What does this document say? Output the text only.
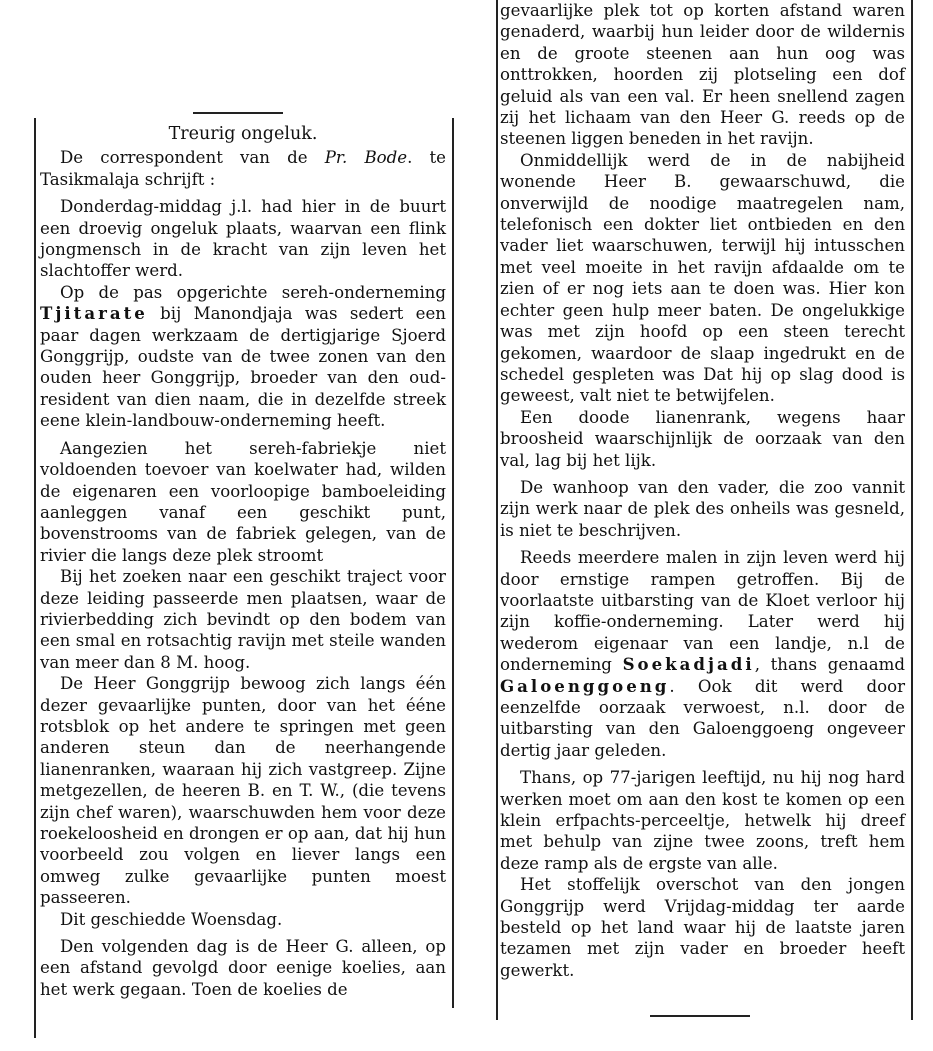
Treurig ongeluk.

De correspondent van de Pr. Bode. te Tasikmalaja schrijft :

Donderdag-middag j.l. had hier in de buurt een droevig ongeluk plaats, waarvan een flink jongmensch in de kracht van zijn leven het slachtoffer werd.

Op de pas opgerichte sereh-onderneming Tjitarate bij Manondjaja was sedert een paar dagen werkzaam de dertigjarige Sjoerd Gonggrijp, oudste van de twee zonen van den ouden heer Gonggrijp, broeder van den oud-resident van dien naam, die in dezelfde streek eene klein-landbouw-onderneming heeft.

Aangezien het sereh-fabriekje niet voldoenden toevoer van koelwater had, wilden de eigenaren een voorloopige bamboeleiding aanleggen vanaf een geschikt punt, bovenstrooms van de fabriek gelegen, van de rivier die langs deze plek stroomt

Bij het zoeken naar een geschikt traject voor deze leiding passeerde men plaatsen, waar de rivierbedding zich bevindt op den bodem van een smal en rotsachtig ravijn met steile wanden van meer dan 8 M. hoog.

De Heer Gonggrijp bewoog zich langs één dezer gevaarlijke punten, door van het ééne rotsblok op het andere te springen met geen anderen steun dan de neerhangende lianenranken, waaraan hij zich vastgreep. Zijne metgezellen, de heeren B. en T. W., (die tevens zijn chef waren), waarschuwden hem voor deze roekeloosheid en drongen er op aan, dat hij hun voorbeeld zou volgen en liever langs een omweg zulke gevaarlijke punten moest passeeren.

Dit geschiedde Woensdag.

Den volgenden dag is de Heer G. alleen, op een afstand gevolgd door eenige koelies, aan het werk gegaan. Toen de koelies de

gevaarlijke plek tot op korten afstand waren genaderd, waarbij hun leider door de wildernis en de groote steenen aan hun oog was onttrokken, hoorden zij plotseling een dof geluid als van een val. Er heen snellend zagen zij het lichaam van den Heer G. reeds op de steenen liggen beneden in het ravijn.

Onmiddellijk werd de in de nabijheid wonende Heer B. gewaarschuwd, die onverwijld de noodige maatregelen nam, telefonisch een dokter liet ontbieden en den vader liet waarschuwen, terwijl hij intusschen met veel moeite in het ravijn afdaalde om te zien of er nog iets aan te doen was. Hier kon echter geen hulp meer baten. De ongelukkige was met zijn hoofd op een steen terecht gekomen, waardoor de slaap ingedrukt en de schedel gespleten was Dat hij op slag dood is geweest, valt niet te betwijfelen.

Een doode lianenrank, wegens haar broosheid waarschijnlijk de oorzaak van den val, lag bij het lijk.

De wanhoop van den vader, die zoo vannit zijn werk naar de plek des onheils was gesneld, is niet te beschrijven.

Reeds meerdere malen in zijn leven werd hij door ernstige rampen getroffen. Bij de voorlaatste uitbarsting van de Kloet verloor hij zijn koffie-onderneming. Later werd hij wederom eigenaar van een landje, n.l de onderneming Soekadjadi, thans genaamd Galoenggoeng. Ook dit werd door eenzelfde oorzaak verwoest, n.l. door de uitbarsting van den Galoenggoeng ongeveer dertig jaar geleden.

Thans, op 77-jarigen leeftijd, nu hij nog hard werken moet om aan den kost te komen op een klein erfpachts-perceeltje, hetwelk hij dreef met behulp van zijne twee zoons, treft hem deze ramp als de ergste van alle.

Het stoffelijk overschot van den jongen Gonggrijp werd Vrijdag-middag ter aarde besteld op het land waar hij de laatste jaren tezamen met zijn vader en broeder heeft gewerkt.
